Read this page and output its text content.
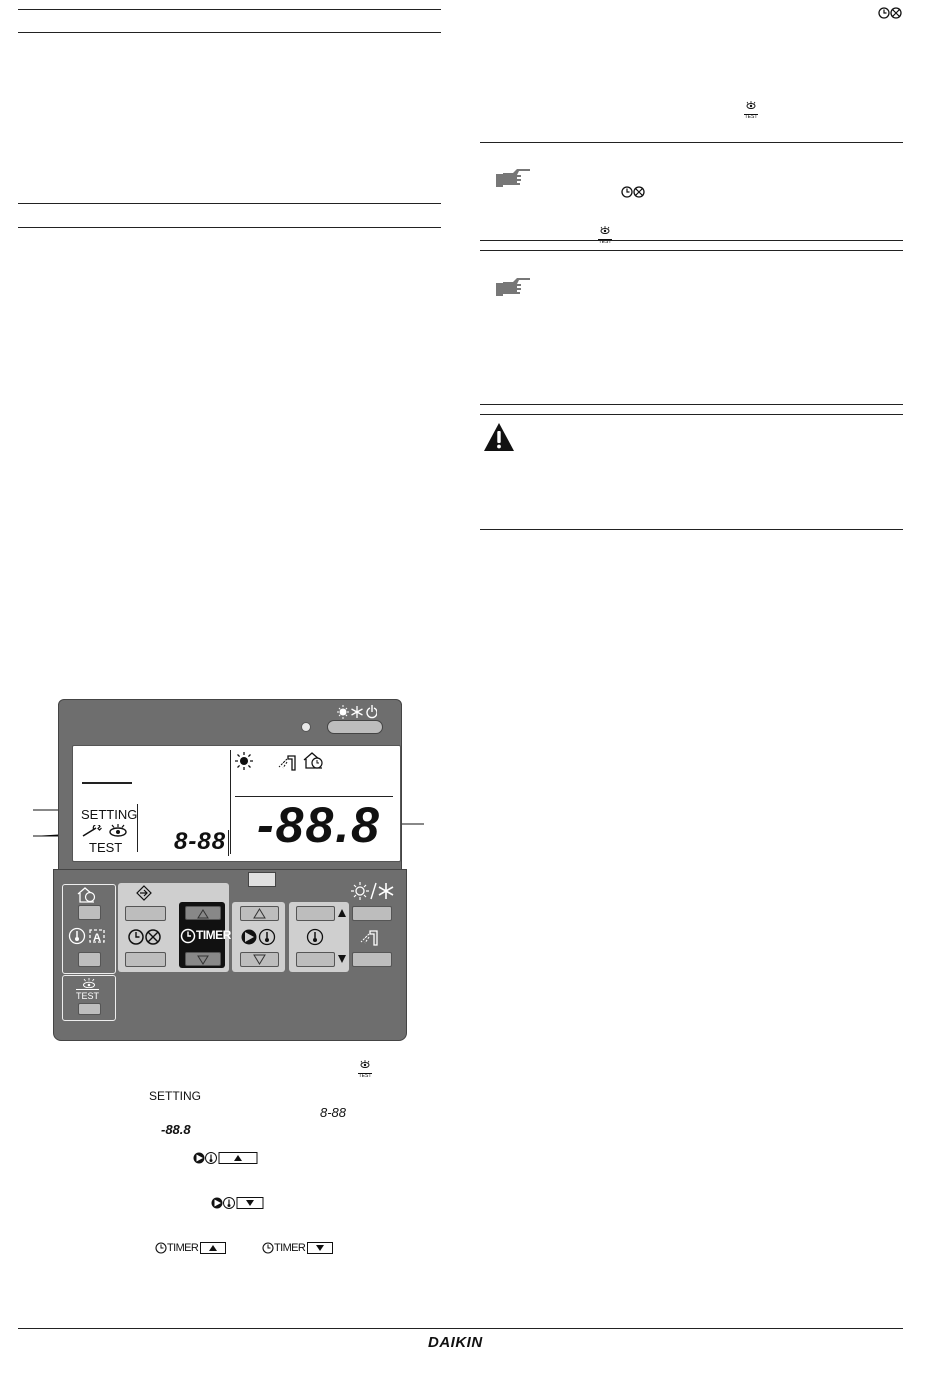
TEST
TEST
SETTING
TEST 8-88 -88.8
A
TEST
TIMER
TEST
SETTING
8-88
-88.8
TIMER	TIMER
DAIKIN
